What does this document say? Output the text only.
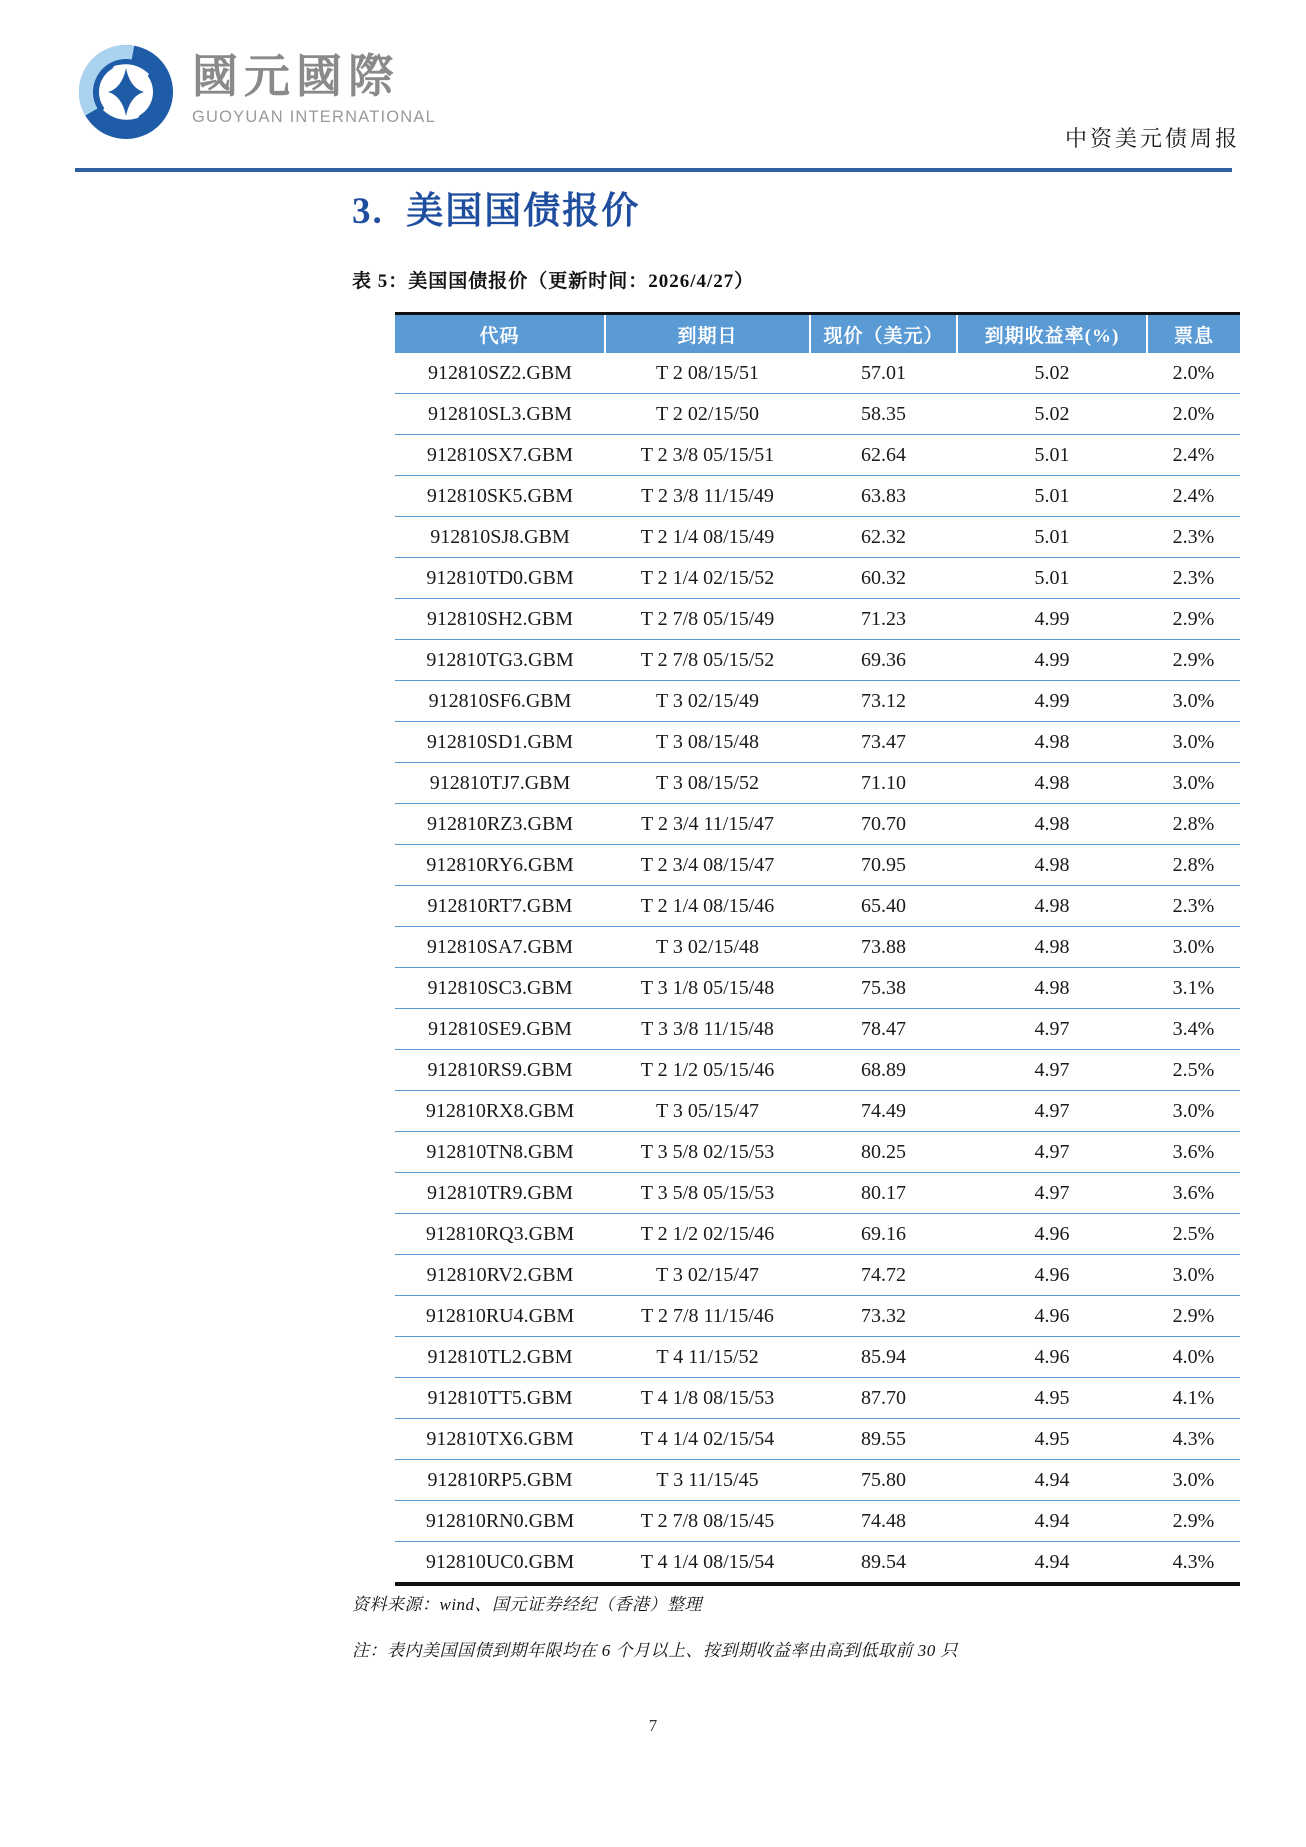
國元國際
GUOYUAN INTERNATIONAL
中资美元债周报
3.  美国国债报价
表 5：美国国债报价（更新时间：2026/4/27）
代码	到期日	现价（美元）	到期收益率(%)	票息
912810SZ2.GBM	T 2 08/15/51	57.01	5.02	2.0%
912810SL3.GBM	T 2 02/15/50	58.35	5.02	2.0%
912810SX7.GBM	T 2 3/8 05/15/51	62.64	5.01	2.4%
912810SK5.GBM	T 2 3/8 11/15/49	63.83	5.01	2.4%
912810SJ8.GBM	T 2 1/4 08/15/49	62.32	5.01	2.3%
912810TD0.GBM	T 2 1/4 02/15/52	60.32	5.01	2.3%
912810SH2.GBM	T 2 7/8 05/15/49	71.23	4.99	2.9%
912810TG3.GBM	T 2 7/8 05/15/52	69.36	4.99	2.9%
912810SF6.GBM	T 3 02/15/49	73.12	4.99	3.0%
912810SD1.GBM	T 3 08/15/48	73.47	4.98	3.0%
912810TJ7.GBM	T 3 08/15/52	71.10	4.98	3.0%
912810RZ3.GBM	T 2 3/4 11/15/47	70.70	4.98	2.8%
912810RY6.GBM	T 2 3/4 08/15/47	70.95	4.98	2.8%
912810RT7.GBM	T 2 1/4 08/15/46	65.40	4.98	2.3%
912810SA7.GBM	T 3 02/15/48	73.88	4.98	3.0%
912810SC3.GBM	T 3 1/8 05/15/48	75.38	4.98	3.1%
912810SE9.GBM	T 3 3/8 11/15/48	78.47	4.97	3.4%
912810RS9.GBM	T 2 1/2 05/15/46	68.89	4.97	2.5%
912810RX8.GBM	T 3 05/15/47	74.49	4.97	3.0%
912810TN8.GBM	T 3 5/8 02/15/53	80.25	4.97	3.6%
912810TR9.GBM	T 3 5/8 05/15/53	80.17	4.97	3.6%
912810RQ3.GBM	T 2 1/2 02/15/46	69.16	4.96	2.5%
912810RV2.GBM	T 3 02/15/47	74.72	4.96	3.0%
912810RU4.GBM	T 2 7/8 11/15/46	73.32	4.96	2.9%
912810TL2.GBM	T 4 11/15/52	85.94	4.96	4.0%
912810TT5.GBM	T 4 1/8 08/15/53	87.70	4.95	4.1%
912810TX6.GBM	T 4 1/4 02/15/54	89.55	4.95	4.3%
912810RP5.GBM	T 3 11/15/45	75.80	4.94	3.0%
912810RN0.GBM	T 2 7/8 08/15/45	74.48	4.94	2.9%
912810UC0.GBM	T 4 1/4 08/15/54	89.54	4.94	4.3%
资料来源：wind、国元证券经纪（香港）整理
注：表内美国国债到期年限均在 6 个月以上、按到期收益率由高到低取前 30 只
7
